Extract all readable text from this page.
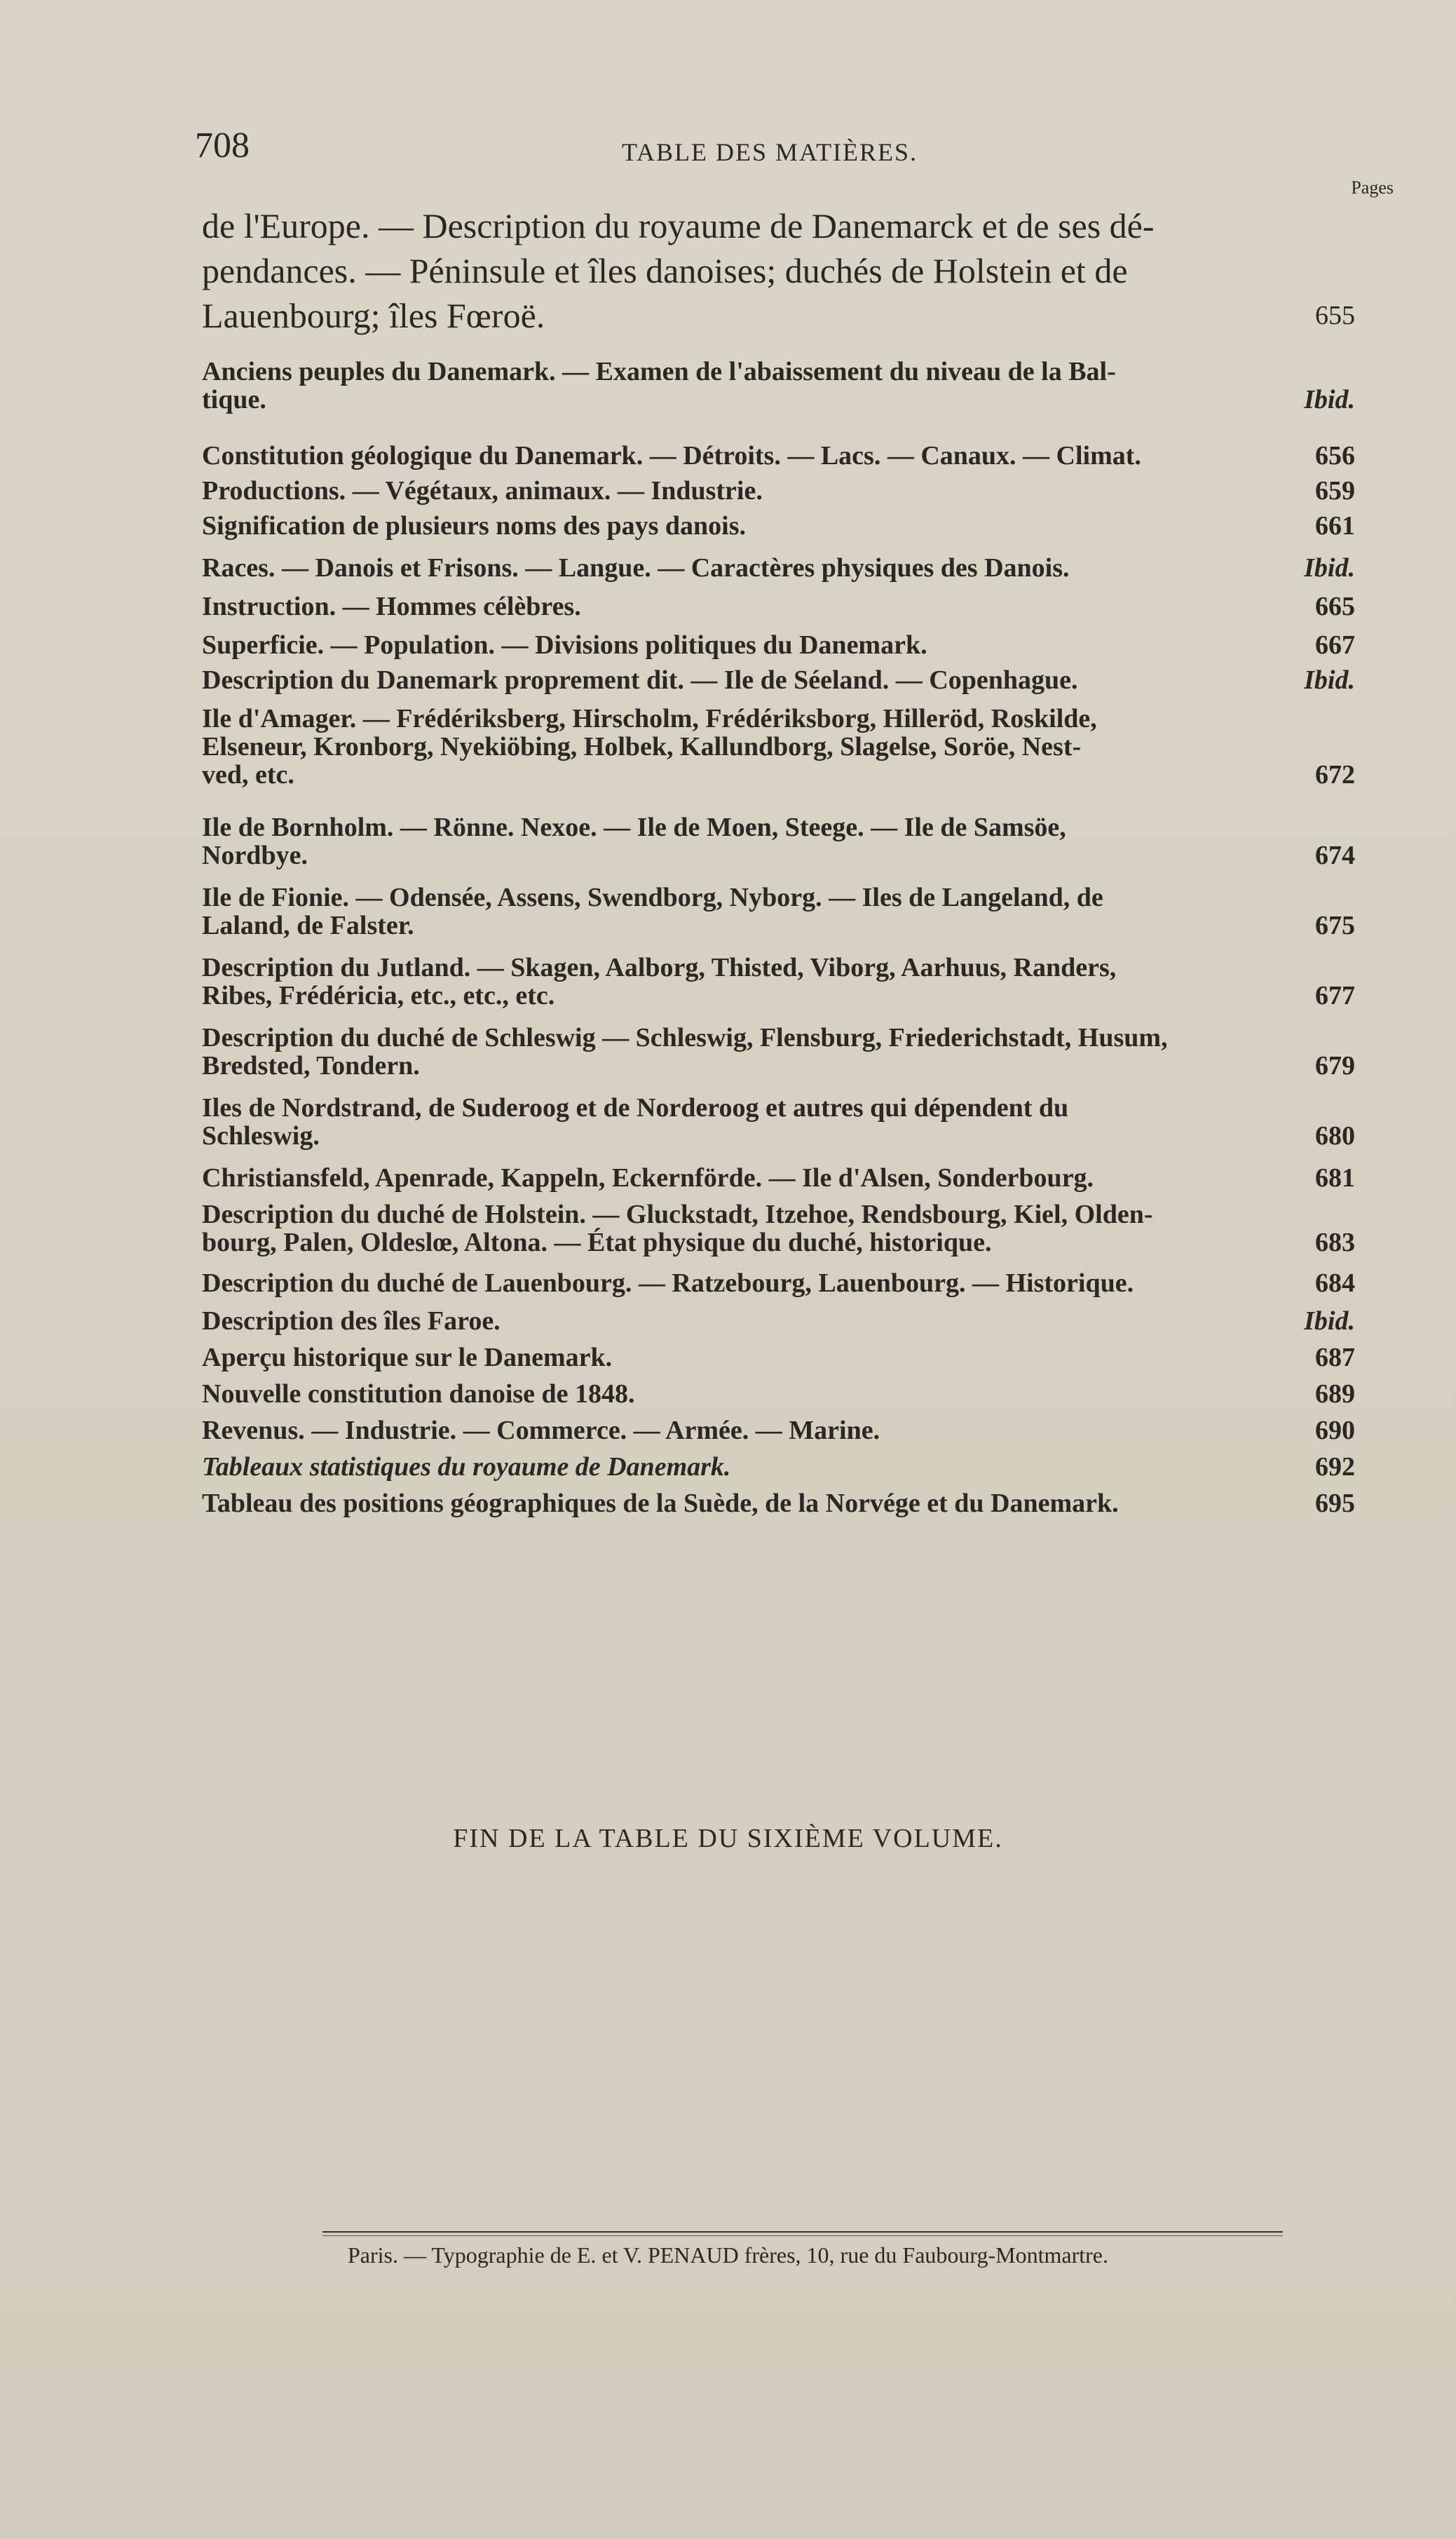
708	TABLE DES MATIÈRES.
Pages
de l'Europe. — Description du royaume de Danemarck et de ses dé-
pendances. — Péninsule et îles danoises; duchés de Holstein et de
Lauenbourg; îles Fœroë.	655
Anciens peuples du Danemark. — Examen de l'abaissement du niveau de la Bal-
tique.	Ibid.
Constitution géologique du Danemark. — Détroits. — Lacs. — Canaux. — Climat.	656
Productions. — Végétaux, animaux. — Industrie.	659
Signification de plusieurs noms des pays danois.	661
Races. — Danois et Frisons. — Langue. — Caractères physiques des Danois.	Ibid.
Instruction. — Hommes célèbres.	665
Superficie. — Population. — Divisions politiques du Danemark.	667
Description du Danemark proprement dit. — Ile de Séeland. — Copenhague.	Ibid.
Ile d'Amager. — Frédériksberg, Hirscholm, Frédériksborg, Hilleröd, Roskilde,
Elseneur, Kronborg, Nyekiöbing, Holbek, Kallundborg, Slagelse, Soröe, Nest-
ved, etc.	672
Ile de Bornholm. — Rönne. Nexoe. — Ile de Moen, Steege. — Ile de Samsöe,
Nordbye.	674
Ile de Fionie. — Odensée, Assens, Swendborg, Nyborg. — Iles de Langeland, de
Laland, de Falster.	675
Description du Jutland. — Skagen, Aalborg, Thisted, Viborg, Aarhuus, Randers,
Ribes, Frédéricia, etc., etc., etc.	677
Description du duché de Schleswig — Schleswig, Flensburg, Friederichstadt, Husum,
Bredsted, Tondern.	679
Iles de Nordstrand, de Suderoog et de Norderoog et autres qui dépendent du
Schleswig.	680
Christiansfeld, Apenrade, Kappeln, Eckernförde. — Ile d'Alsen, Sonderbourg.	681
Description du duché de Holstein. — Gluckstadt, Itzehoe, Rendsbourg, Kiel, Olden-
bourg, Palen, Oldeslœ, Altona. — État physique du duché, historique.	683
Description du duché de Lauenbourg. — Ratzebourg, Lauenbourg. — Historique.	684
Description des îles Faroe.	Ibid.
Aperçu historique sur le Danemark.	687
Nouvelle constitution danoise de 1848.	689
Revenus. — Industrie. — Commerce. — Armée. — Marine.	690
Tableaux statistiques du royaume de Danemark.	692
Tableau des positions géographiques de la Suède, de la Norvége et du Danemark.	695
FIN DE LA TABLE DU SIXIÈME VOLUME.
Paris. — Typographie de E. et V. PENAUD frères, 10, rue du Faubourg-Montmartre.
